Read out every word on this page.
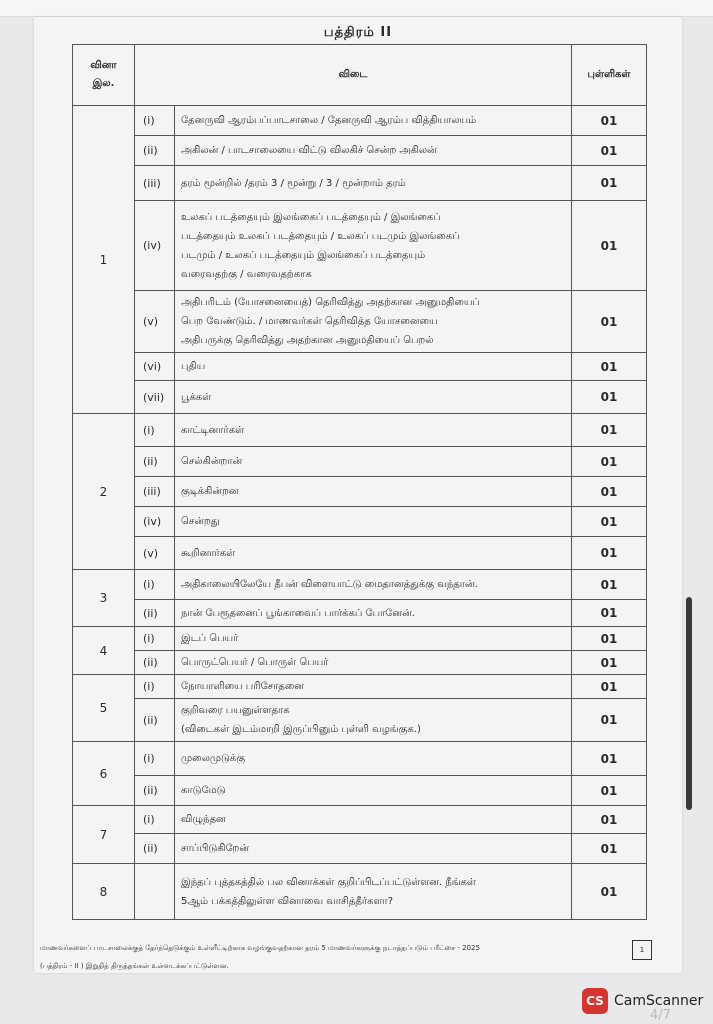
பத்திரம் II
வினா
இல.	விடை		புள்ளிகள்
1	(i)	தேனருவி ஆரம்பப்பாடசாலை / தேனருவி ஆரம்ப வித்தியாலயம்	01
	(ii)	அகிலன் / பாடசாலையை விட்டு விலகிச் சென்ற அகிலன்	01
	(iii)	தரம் மூன்றில் /தரம் 3 / மூன்று / 3 / மூன்றாம் தரம்	01
	(iv)	உலகப் படத்தையும் இலங்கைப் படத்தையும் / இலங்கைப்
படத்தையும் உலகப் படத்தையும் / உலகப் படமும் இலங்கைப்
படமும் / உலகப் படத்தையும் இலங்கைப் படத்தையும்
வரைவதற்கு / வரைவதற்காக	01
	(v)	அதிபரிடம் (யோசனையைத்) தெரிவித்து அதற்கான அனுமதியைப்
பெற வேண்டும். / மாணவர்கள் தெரிவித்த யோசனையை
அதிபருக்கு தெரிவித்து அதற்கான அனுமதியைப் பெறல்	01
	(vi)	புதிய	01
	(vii)	பூக்கள்	01
2	(i)	காட்டினார்கள்	01
	(ii)	செல்கின்றான்	01
	(iii)	குடிக்கின்றன	01
	(iv)	சென்றது	01
	(v)	கூறினார்கள்	01
3	(i)	அதிகாலையிலேயே தீபன் விளையாட்டு மைதானத்துக்கு வந்தான்.	01
	(ii)	நான் பேரூதனைப் பூங்காவைப் பார்க்கப் போனேன்.	01
4	(i)	இடப் பெயர்	01
	(ii)	பொருட்பெயர் / பொருள் பெயர்	01
5	(i)	நோயாளியை பரிசோதனை	01
	(ii)	குறிவரை பயனுள்ளதாக
(விடைகள் இடம்மாறி இருப்பினும் புள்ளி வழங்குக.)	01
6	(i)	முலைமுடுக்கு	01
	(ii)	காடுமேடு	01
7	(i)	விழுந்தன	01
	(ii)	சாப்பிடுகிறேன்	01
8		இந்தப் புத்தகத்தில் பல வினாக்கள் குறிப்பிடப்பட்டுள்ளன. நீங்கள்
5ஆம் பக்கத்திலுள்ள வினாவை வாசித்தீர்களா?	01
மாணவர்களைப் பாடசாலைக்குத் தேர்ந்தெடுக்கும் உள்ளீட்டிற்காக வழங்குவதற்கான தரம் 5 மாணவர்களுக்கு நடாத்தப்படும் பரீட்சை - 2025
(பத்திரம் - II ) இறுதித் திருத்தங்கள் உள்ளடக்கப்பட்டுள்ளன.
1
CS CamScanner
4/7
